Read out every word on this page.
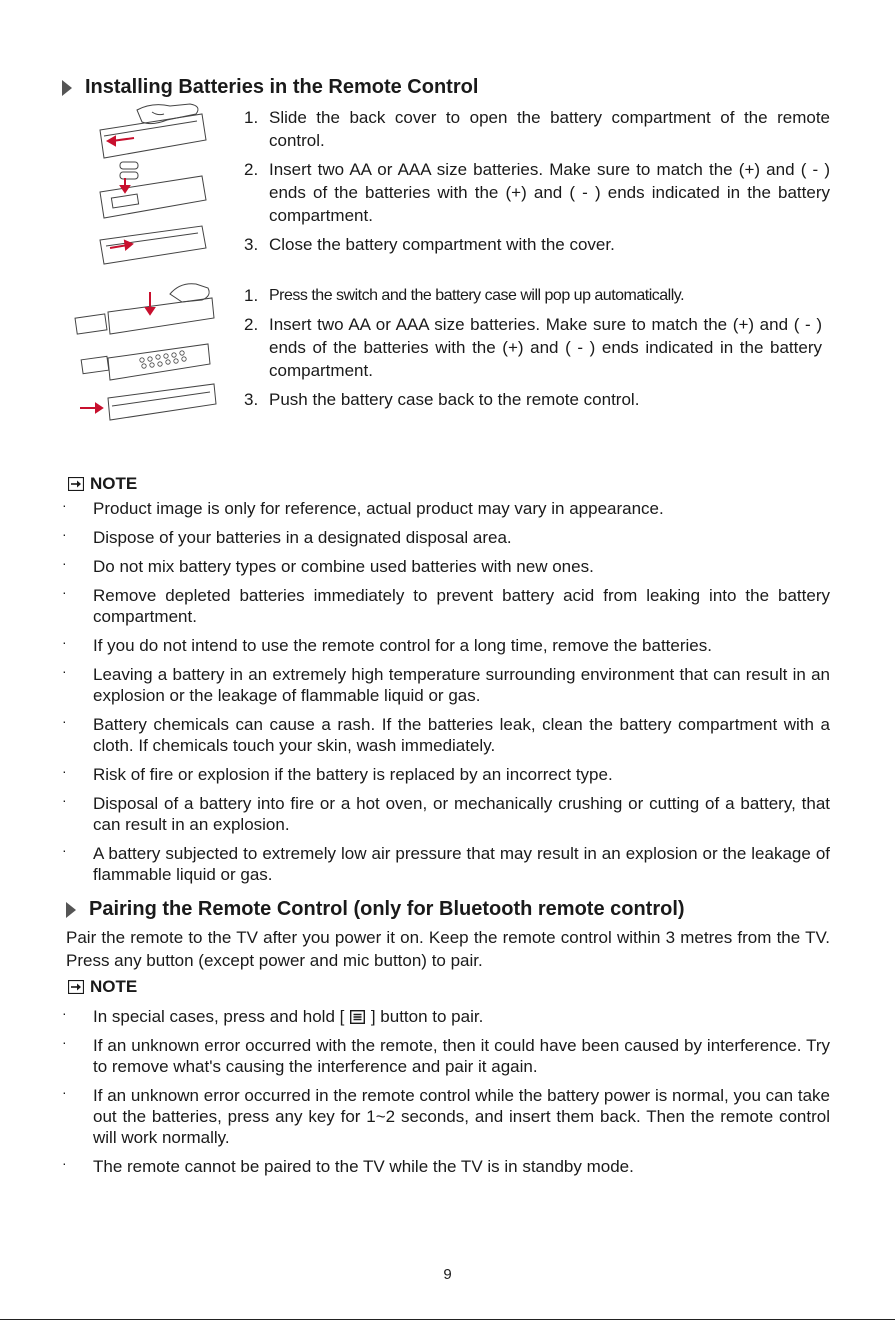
Installing Batteries in the Remote Control
1. Slide the back cover to open the battery compartment of the remote control.
2. Insert two AA or AAA size batteries. Make sure to match the (+) and ( - ) ends of the batteries with the (+) and ( - ) ends indicated in the battery compartment.
3. Close the battery compartment with the cover.
1. Press the switch and the battery case will pop up automatically.
2. Insert two AA or AAA size batteries. Make sure to match the (+) and ( - ) ends of the batteries with the (+) and ( - ) ends indicated in the battery compartment.
3. Push the battery case back to the remote control.
NOTE
· Product image is only for reference, actual product may vary in appearance.
· Dispose of your batteries in a designated disposal area.
· Do not mix battery types or combine used batteries with new ones.
· Remove depleted batteries immediately to prevent battery acid from leaking into the battery compartment.
· If you do not intend to use the remote control for a long time, remove the batteries.
· Leaving a battery in an extremely high temperature surrounding environment that can result in an explosion or the leakage of flammable liquid or gas.
· Battery chemicals can cause a rash. If the batteries leak, clean the battery compartment with a cloth. If chemicals touch your skin, wash immediately.
· Risk of fire or explosion if the battery is replaced by an incorrect type.
· Disposal of a battery into fire or a hot oven, or mechanically crushing or cutting of a battery, that can result in an explosion.
· A battery subjected to extremely low air pressure that may result in an explosion or the leakage of flammable liquid or gas.
Pairing the Remote Control (only for Bluetooth remote control)
Pair the remote to the TV after you power it on. Keep the remote control within 3 metres from the TV. Press any button (except power and mic button) to pair.
NOTE
· In special cases, press and hold [ ] button to pair.
· If an unknown error occurred with the remote, then it could have been caused by interference. Try to remove what's causing the interference and pair it again.
· If an unknown error occurred in the remote control while the battery power is normal, you can take out the batteries, press any key for 1~2 seconds, and insert them back. Then the remote control will work normally.
· The remote cannot be paired to the TV while the TV is in standby mode.
9
